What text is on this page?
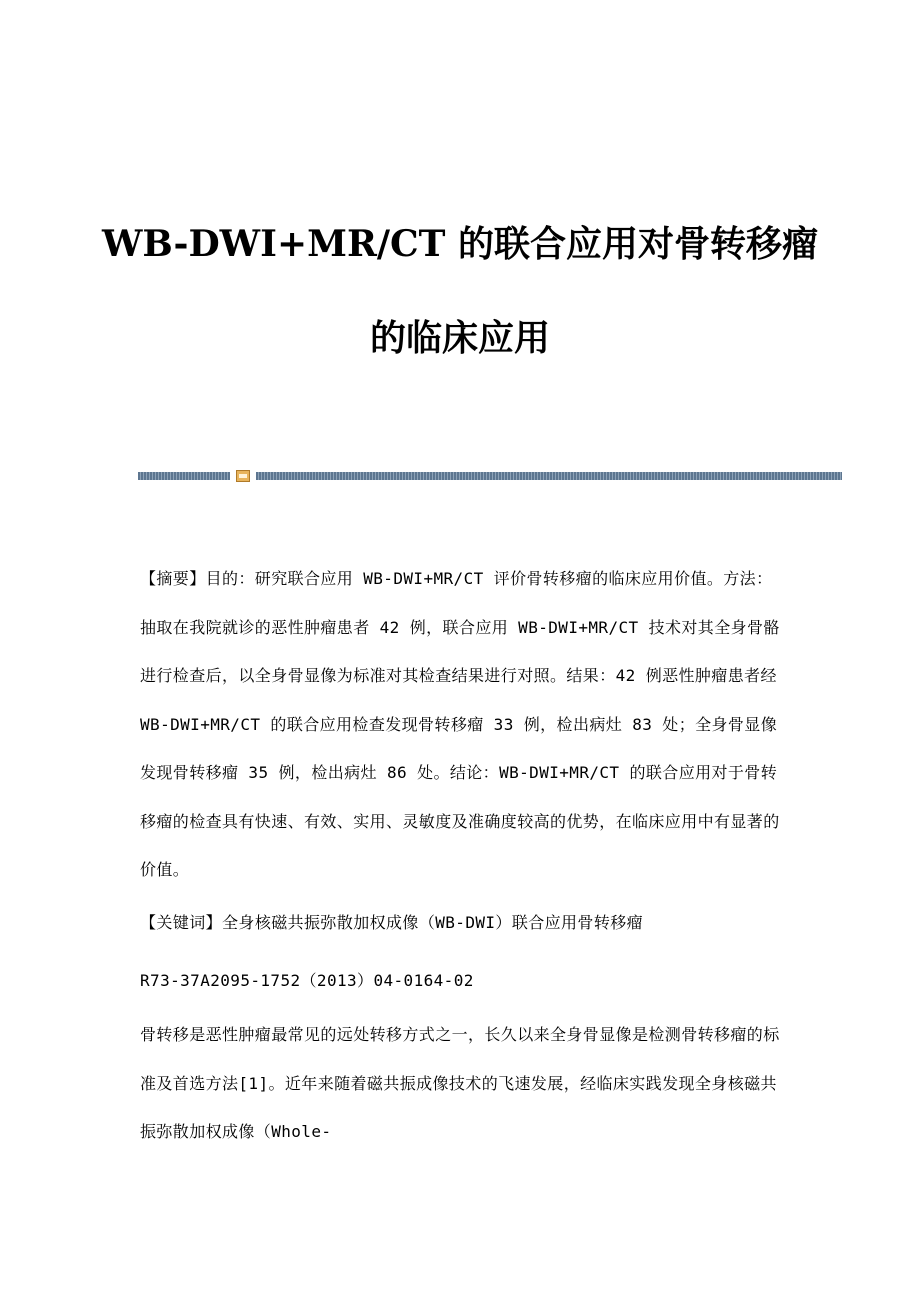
WB-DWI+MR/CT 的联合应用对骨转移瘤
的临床应用
【摘要】目的：研究联合应用 WB-DWI+MR/CT 评价骨转移瘤的临床应用价值。方法：抽取在我院就诊的恶性肿瘤患者 42 例，联合应用 WB-DWI+MR/CT 技术对其全身骨骼进行检查后，以全身骨显像为标准对其检查结果进行对照。结果：42 例恶性肿瘤患者经 WB-DWI+MR/CT 的联合应用检查发现骨转移瘤 33 例，检出病灶 83 处；全身骨显像发现骨转移瘤 35 例，检出病灶 86 处。结论：WB-DWI+MR/CT 的联合应用对于骨转移瘤的检查具有快速、有效、实用、灵敏度及准确度较高的优势，在临床应用中有显著的价值。
【关键词】全身核磁共振弥散加权成像（WB-DWI）联合应用骨转移瘤
R73-37A2095-1752（2013）04-0164-02
骨转移是恶性肿瘤最常见的远处转移方式之一，长久以来全身骨显像是检测骨转移瘤的标准及首选方法[1]。近年来随着磁共振成像技术的飞速发展，经临床实践发现全身核磁共振弥散加权成像（Whole-
